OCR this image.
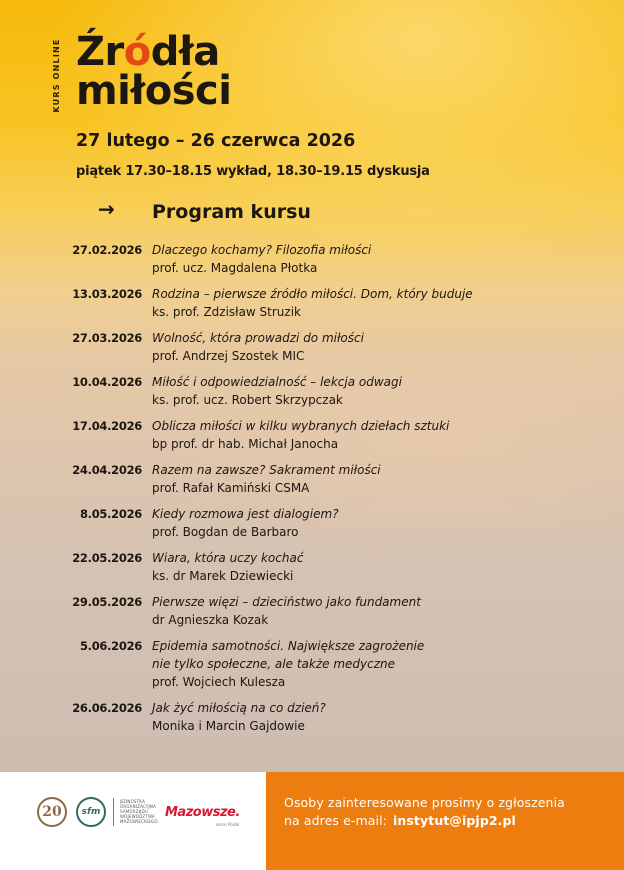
KURS ONLINE Źródła
miłości
27 lutego – 26 czerwca 2026
piątek 17.30–18.15 wykład, 18.30–19.15 dyskusja
→ Program kursu
27.02.2026 Dlaczego kochamy? Filozofia miłości
prof. ucz. Magdalena Płotka
13.03.2026 Rodzina – pierwsze źródło miłości. Dom, który buduje
ks. prof. Zdzisław Struzik
27.03.2026 Wolność, która prowadzi do miłości
prof. Andrzej Szostek MIC
10.04.2026 Miłość i odpowiedzialność – lekcja odwagi
ks. prof. ucz. Robert Skrzypczak
17.04.2026 Oblicza miłości w kilku wybranych dziełach sztuki
bp prof. dr hab. Michał Janocha
24.04.2026 Razem na zawsze? Sakrament miłości
prof. Rafał Kamiński CSMA
8.05.2026 Kiedy rozmowa jest dialogiem?
prof. Bogdan de Barbaro
22.05.2026 Wiara, która uczy kochać
ks. dr Marek Dziewiecki
29.05.2026 Pierwsze więzi – dzieciństwo jako fundament
dr Agnieszka Kozak
5.06.2026 Epidemia samotności. Największe zagrożenie
nie tylko społeczne, ale także medyczne
prof. Wojciech Kulesza
26.06.2026 Jak żyć miłością na co dzień?
Monika i Marcin Gajdowie
20	sfm
JEDNOSTKA
ORGANIZACYJNA
SAMORZĄDU
WOJEWÓDZTWA
MAZOWIECKIEGO
Mazowsze.
serce Polski
Osoby zainteresowane prosimy o zgłoszenia
na adres e-mail: instytut@ipjp2.pl
